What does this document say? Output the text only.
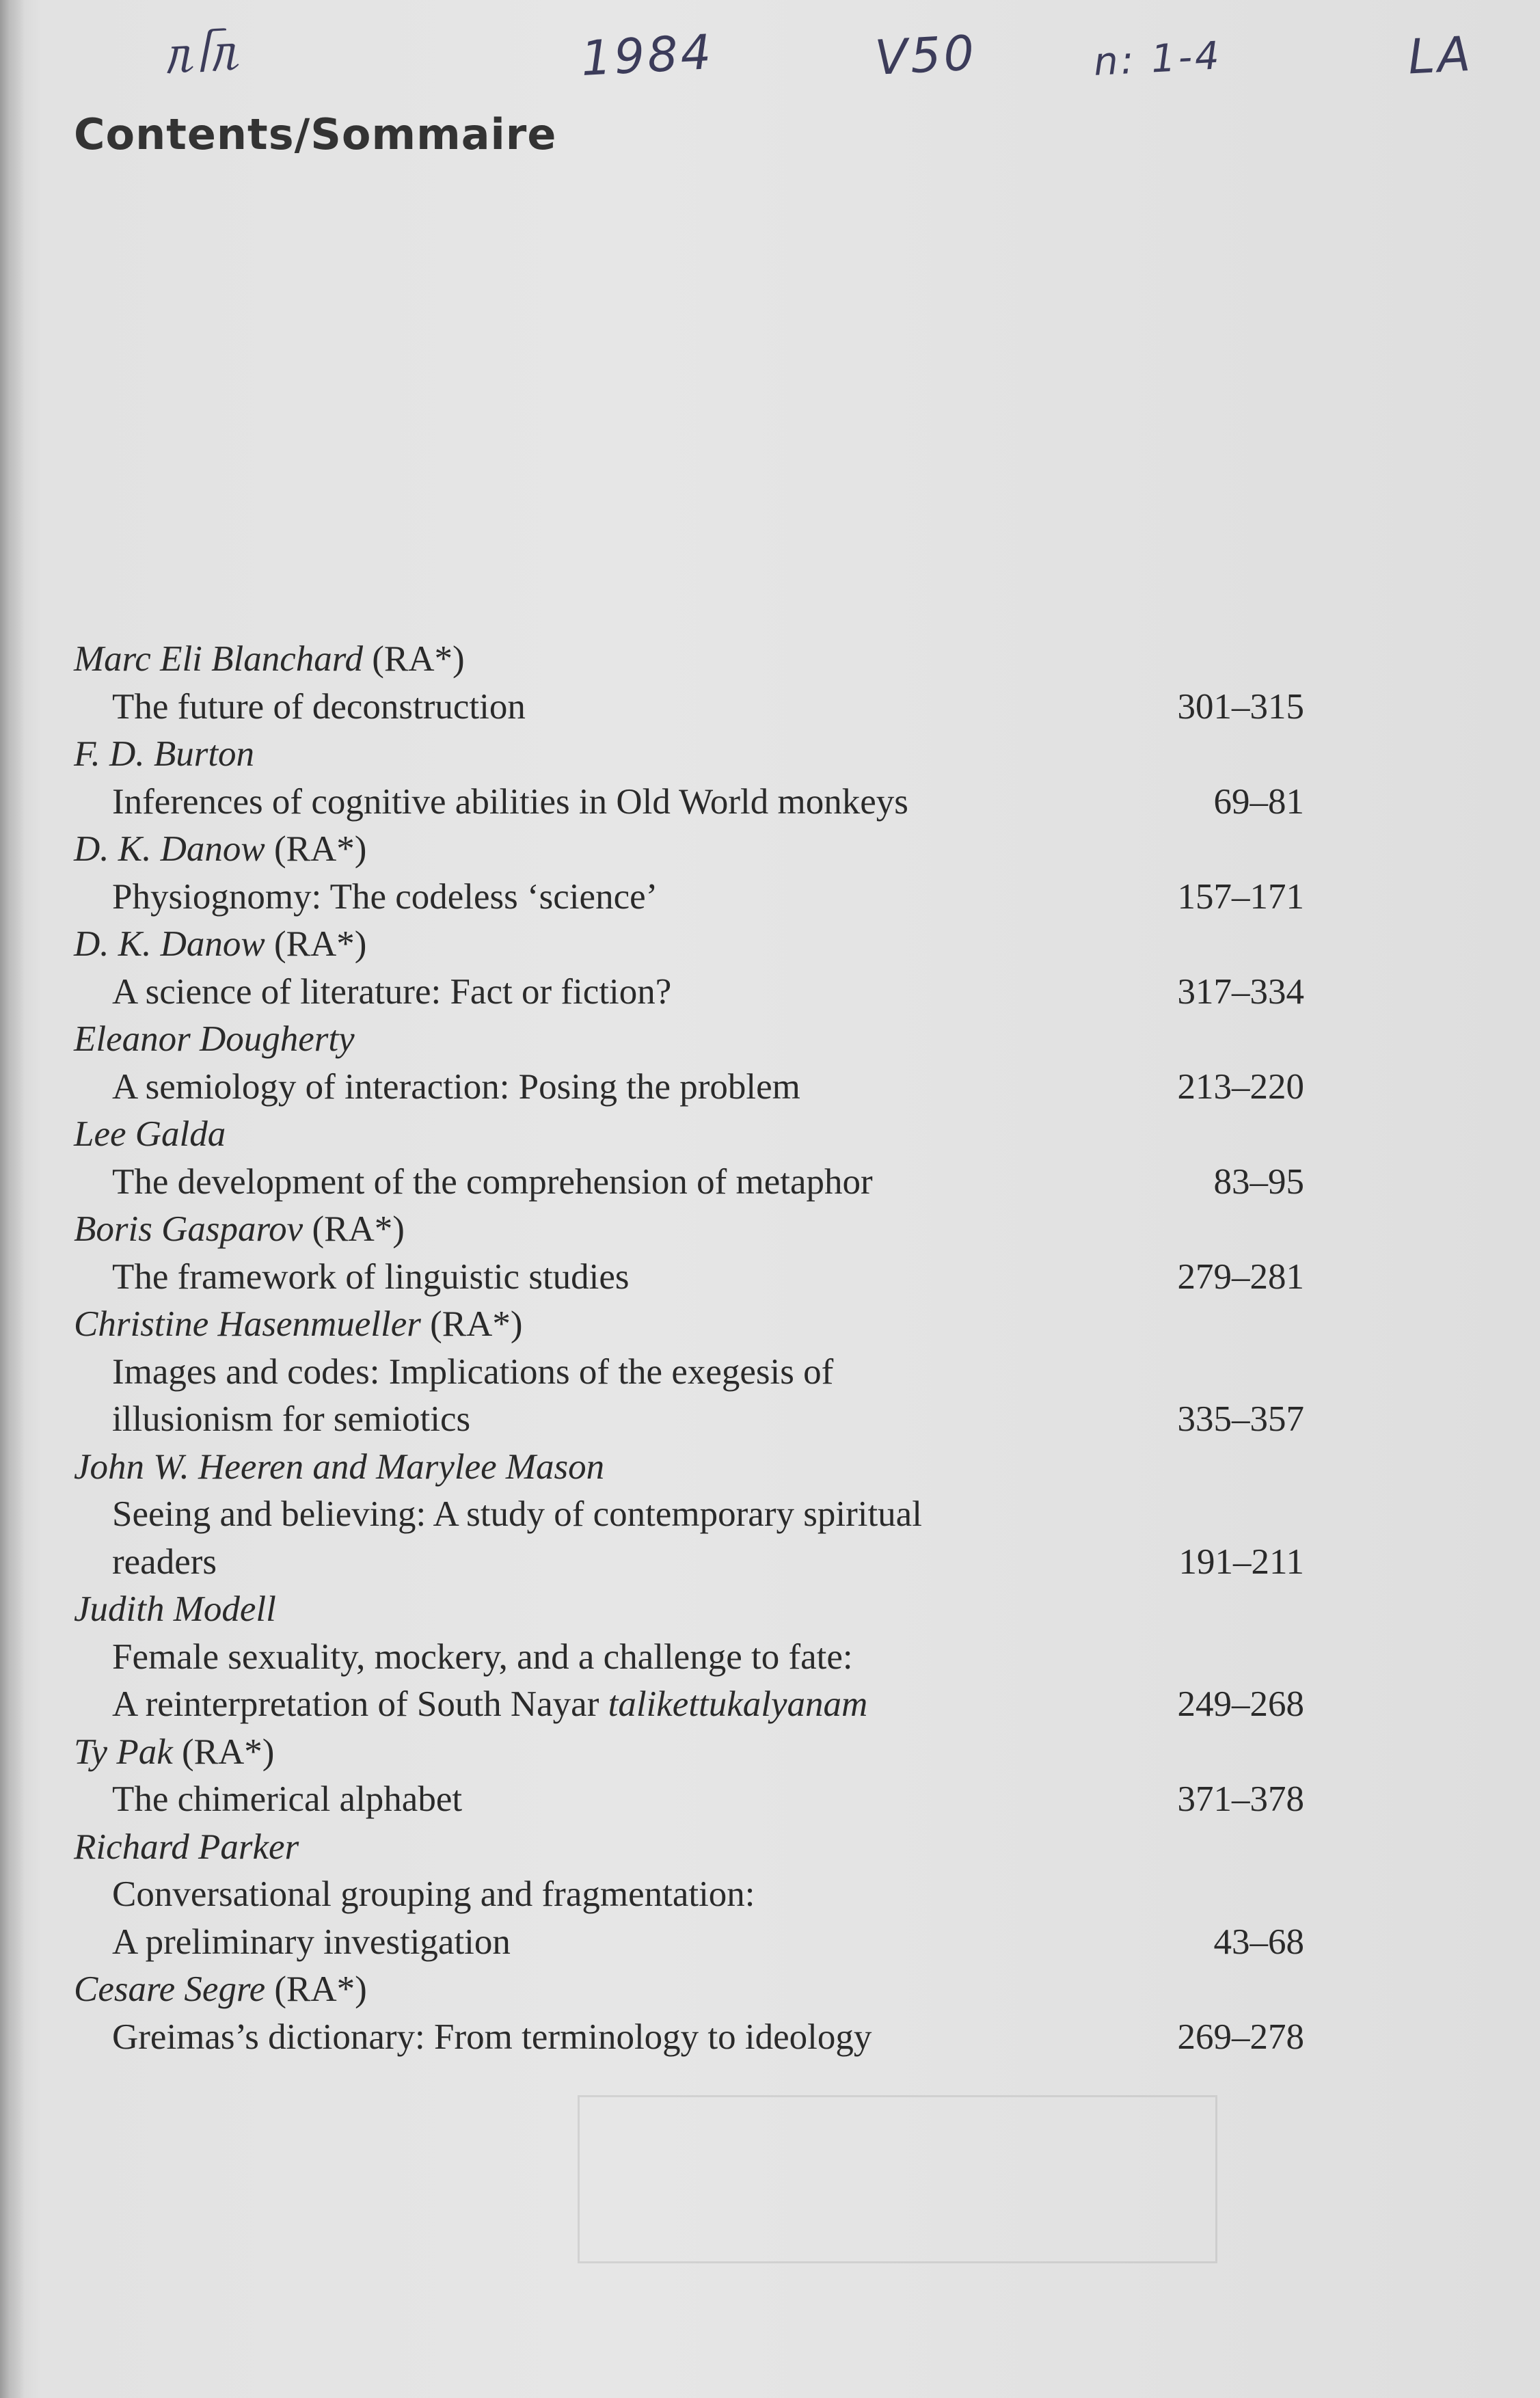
ᥰᥬᥰ	1984	V50	n: 1-4	LA
Contents/Sommaire
Marc Eli Blanchard (RA*)
The future of deconstruction	301–315
F. D. Burton
Inferences of cognitive abilities in Old World monkeys	69–81
D. K. Danow (RA*)
Physiognomy: The codeless ‘science’	157–171
D. K. Danow (RA*)
A science of literature: Fact or fiction?	317–334
Eleanor Dougherty
A semiology of interaction: Posing the problem	213–220
Lee Galda
The development of the comprehension of metaphor	83–95
Boris Gasparov (RA*)
The framework of linguistic studies	279–281
Christine Hasenmueller (RA*)
Images and codes: Implications of the exegesis of
illusionism for semiotics	335–357
John W. Heeren and Marylee Mason
Seeing and believing: A study of contemporary spiritual
readers	191–211
Judith Modell
Female sexuality, mockery, and a challenge to fate:
A reinterpretation of South Nayar talikettukalyanam	249–268
Ty Pak (RA*)
The chimerical alphabet	371–378
Richard Parker
Conversational grouping and fragmentation:
A preliminary investigation	43–68
Cesare Segre (RA*)
Greimas’s dictionary: From terminology to ideology	269–278
